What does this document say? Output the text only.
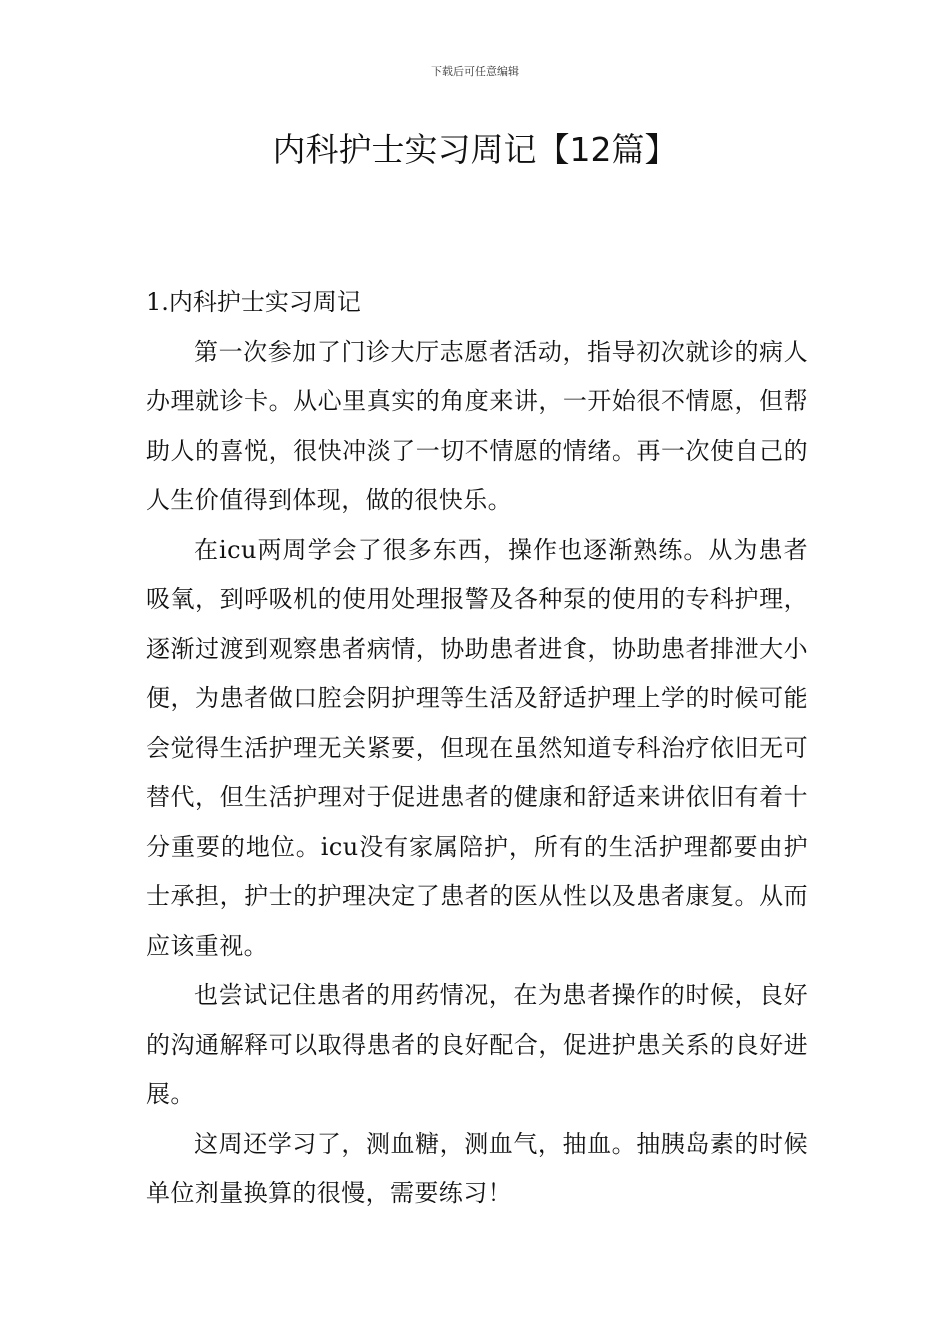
下载后可任意编辑
内科护士实习周记【12篇】
1.内科护士实习周记

第一次参加了门诊大厅志愿者活动，指导初次就诊的病人办理就诊卡。从心里真实的角度来讲，一开始很不情愿，但帮助人的喜悦，很快冲淡了一切不情愿的情绪。再一次使自己的人生价值得到体现，做的很快乐。

在icu两周学会了很多东西，操作也逐渐熟练。从为患者吸氧，到呼吸机的使用处理报警及各种泵的使用的专科护理，逐渐过渡到观察患者病情，协助患者进食，协助患者排泄大小便，为患者做口腔会阴护理等生活及舒适护理上学的时候可能会觉得生活护理无关紧要，但现在虽然知道专科治疗依旧无可替代，但生活护理对于促进患者的健康和舒适来讲依旧有着十分重要的地位。icu没有家属陪护，所有的生活护理都要由护士承担，护士的护理决定了患者的医从性以及患者康复。从而应该重视。

也尝试记住患者的用药情况，在为患者操作的时候，良好的沟通解释可以取得患者的良好配合，促进护患关系的良好进展。

这周还学习了，测血糖，测血气，抽血。抽胰岛素的时候单位剂量换算的很慢，需要练习！
